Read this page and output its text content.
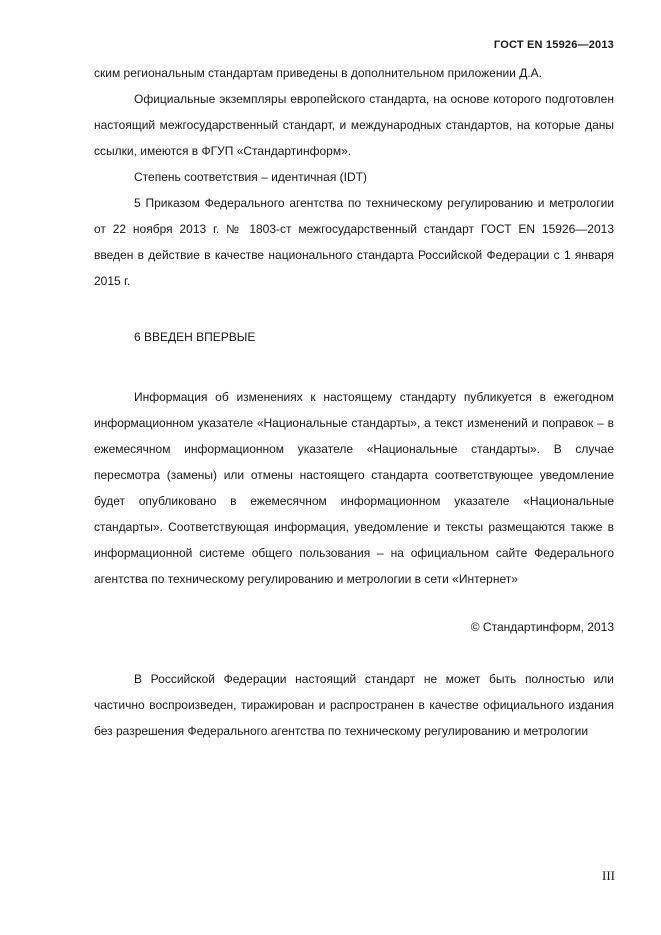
ГОСТ EN 15926—2013

ским региональным стандартам приведены в дополнительном приложении Д.А.

Официальные экземпляры европейского стандарта, на основе которого подготовлен настоящий межгосударственный стандарт, и международных стандартов, на которые даны ссылки, имеются в ФГУП «Стандартинформ».

Степень соответствия – идентичная (IDT)

5 Приказом Федерального агентства по техническому регулированию и метрологии от 22 ноября 2013 г. № 1803-ст межгосударственный стандарт ГОСТ EN 15926—2013 введен в действие в качестве национального стандарта Российской Федерации с 1 января 2015 г.

6 ВВЕДЕН ВПЕРВЫЕ

Информация об изменениях к настоящему стандарту публикуется в ежегодном информационном указателе «Национальные стандарты», а текст изменений и поправок – в ежемесячном информационном указателе «Национальные стандарты». В случае пересмотра (замены) или отмены настоящего стандарта соответствующее уведомление будет опубликовано в ежемесячном информационном указателе «Национальные стандарты». Соответствующая информация, уведомление и тексты размещаются также в информационной системе общего пользования – на официальном сайте Федерального агентства по техническому регулированию и метрологии в сети «Интернет»

© Стандартинформ, 2013

В Российской Федерации настоящий стандарт не может быть полностью или частично воспроизведен, тиражирован и распространен в качестве официального издания без разрешения Федерального агентства по техническому регулированию и метрологии

III
